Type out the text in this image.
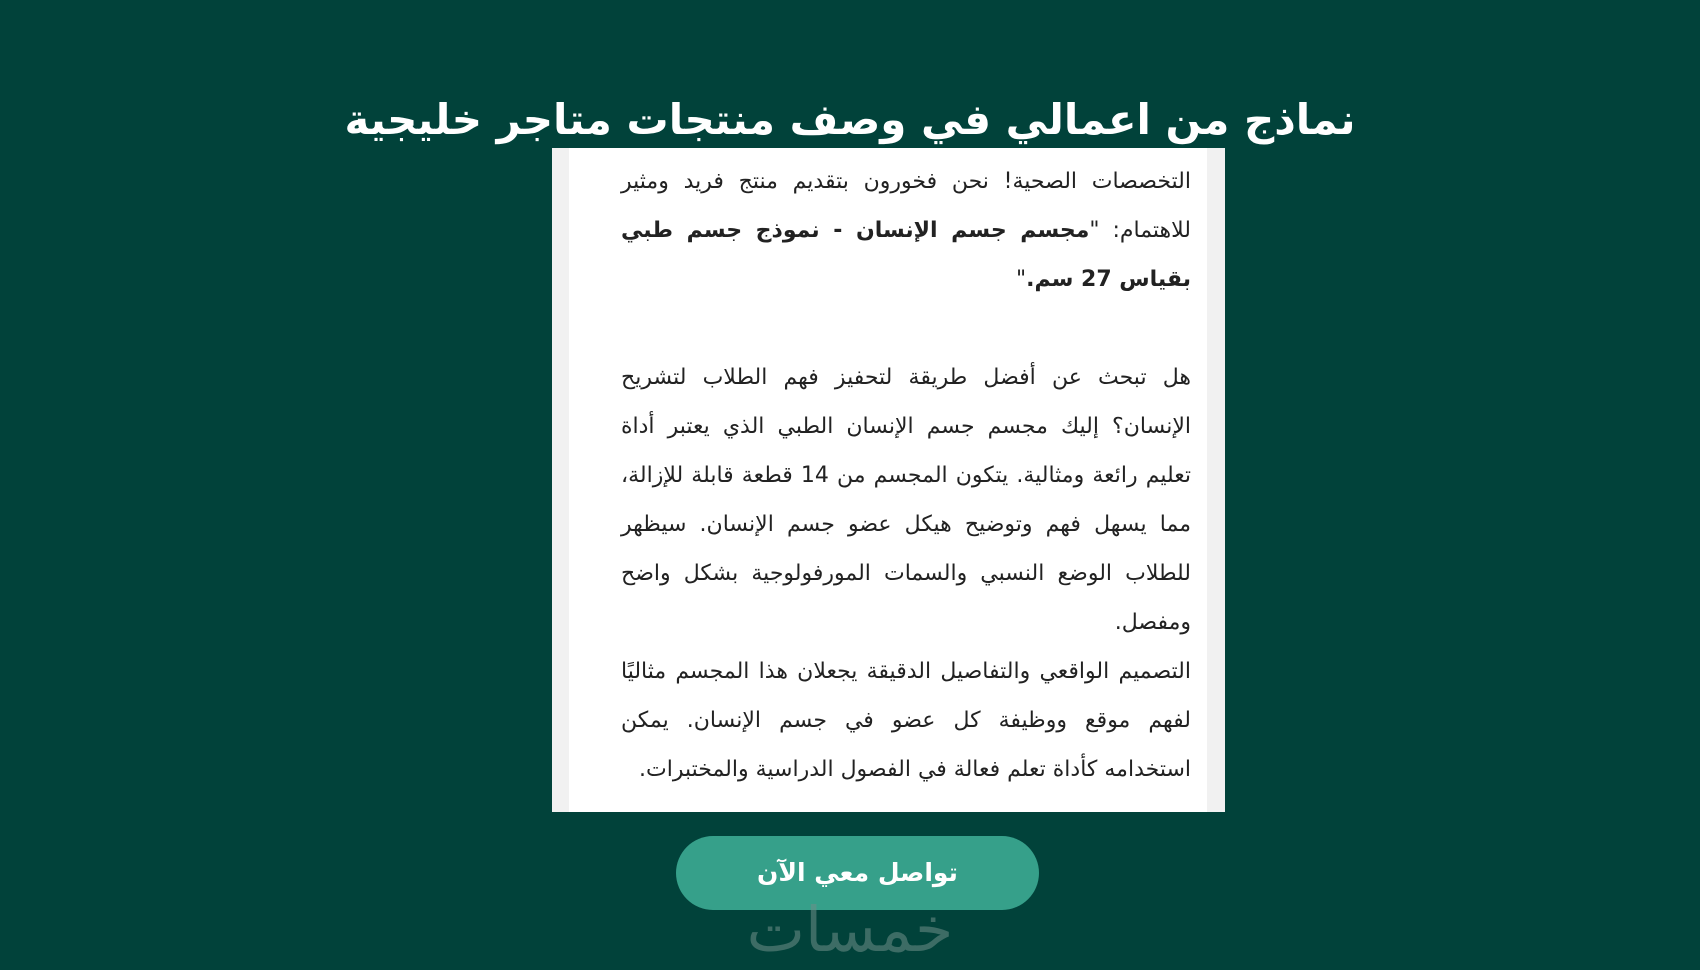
نماذج من اعمالي في وصف منتجات متاجر خليجية

التخصصات الصحية! نحن فخورون بتقديم منتج فريد ومثير للاهتمام: "مجسم جسم الإنسان - نموذج جسم طبي بقياس 27 سم."

هل تبحث عن أفضل طريقة لتحفيز فهم الطلاب لتشريح الإنسان؟ إليك مجسم جسم الإنسان الطبي الذي يعتبر أداة تعليم رائعة ومثالية. يتكون المجسم من 14 قطعة قابلة للإزالة، مما يسهل فهم وتوضيح هيكل عضو جسم الإنسان. سيظهر للطلاب الوضع النسبي والسمات المورفولوجية بشكل واضح ومفصل.

التصميم الواقعي والتفاصيل الدقيقة يجعلان هذا المجسم مثاليًا لفهم موقع ووظيفة كل عضو في جسم الإنسان. يمكن استخدامه كأداة تعلم فعالة في الفصول الدراسية والمختبرات.

تواصل معي الآن
خمسات
